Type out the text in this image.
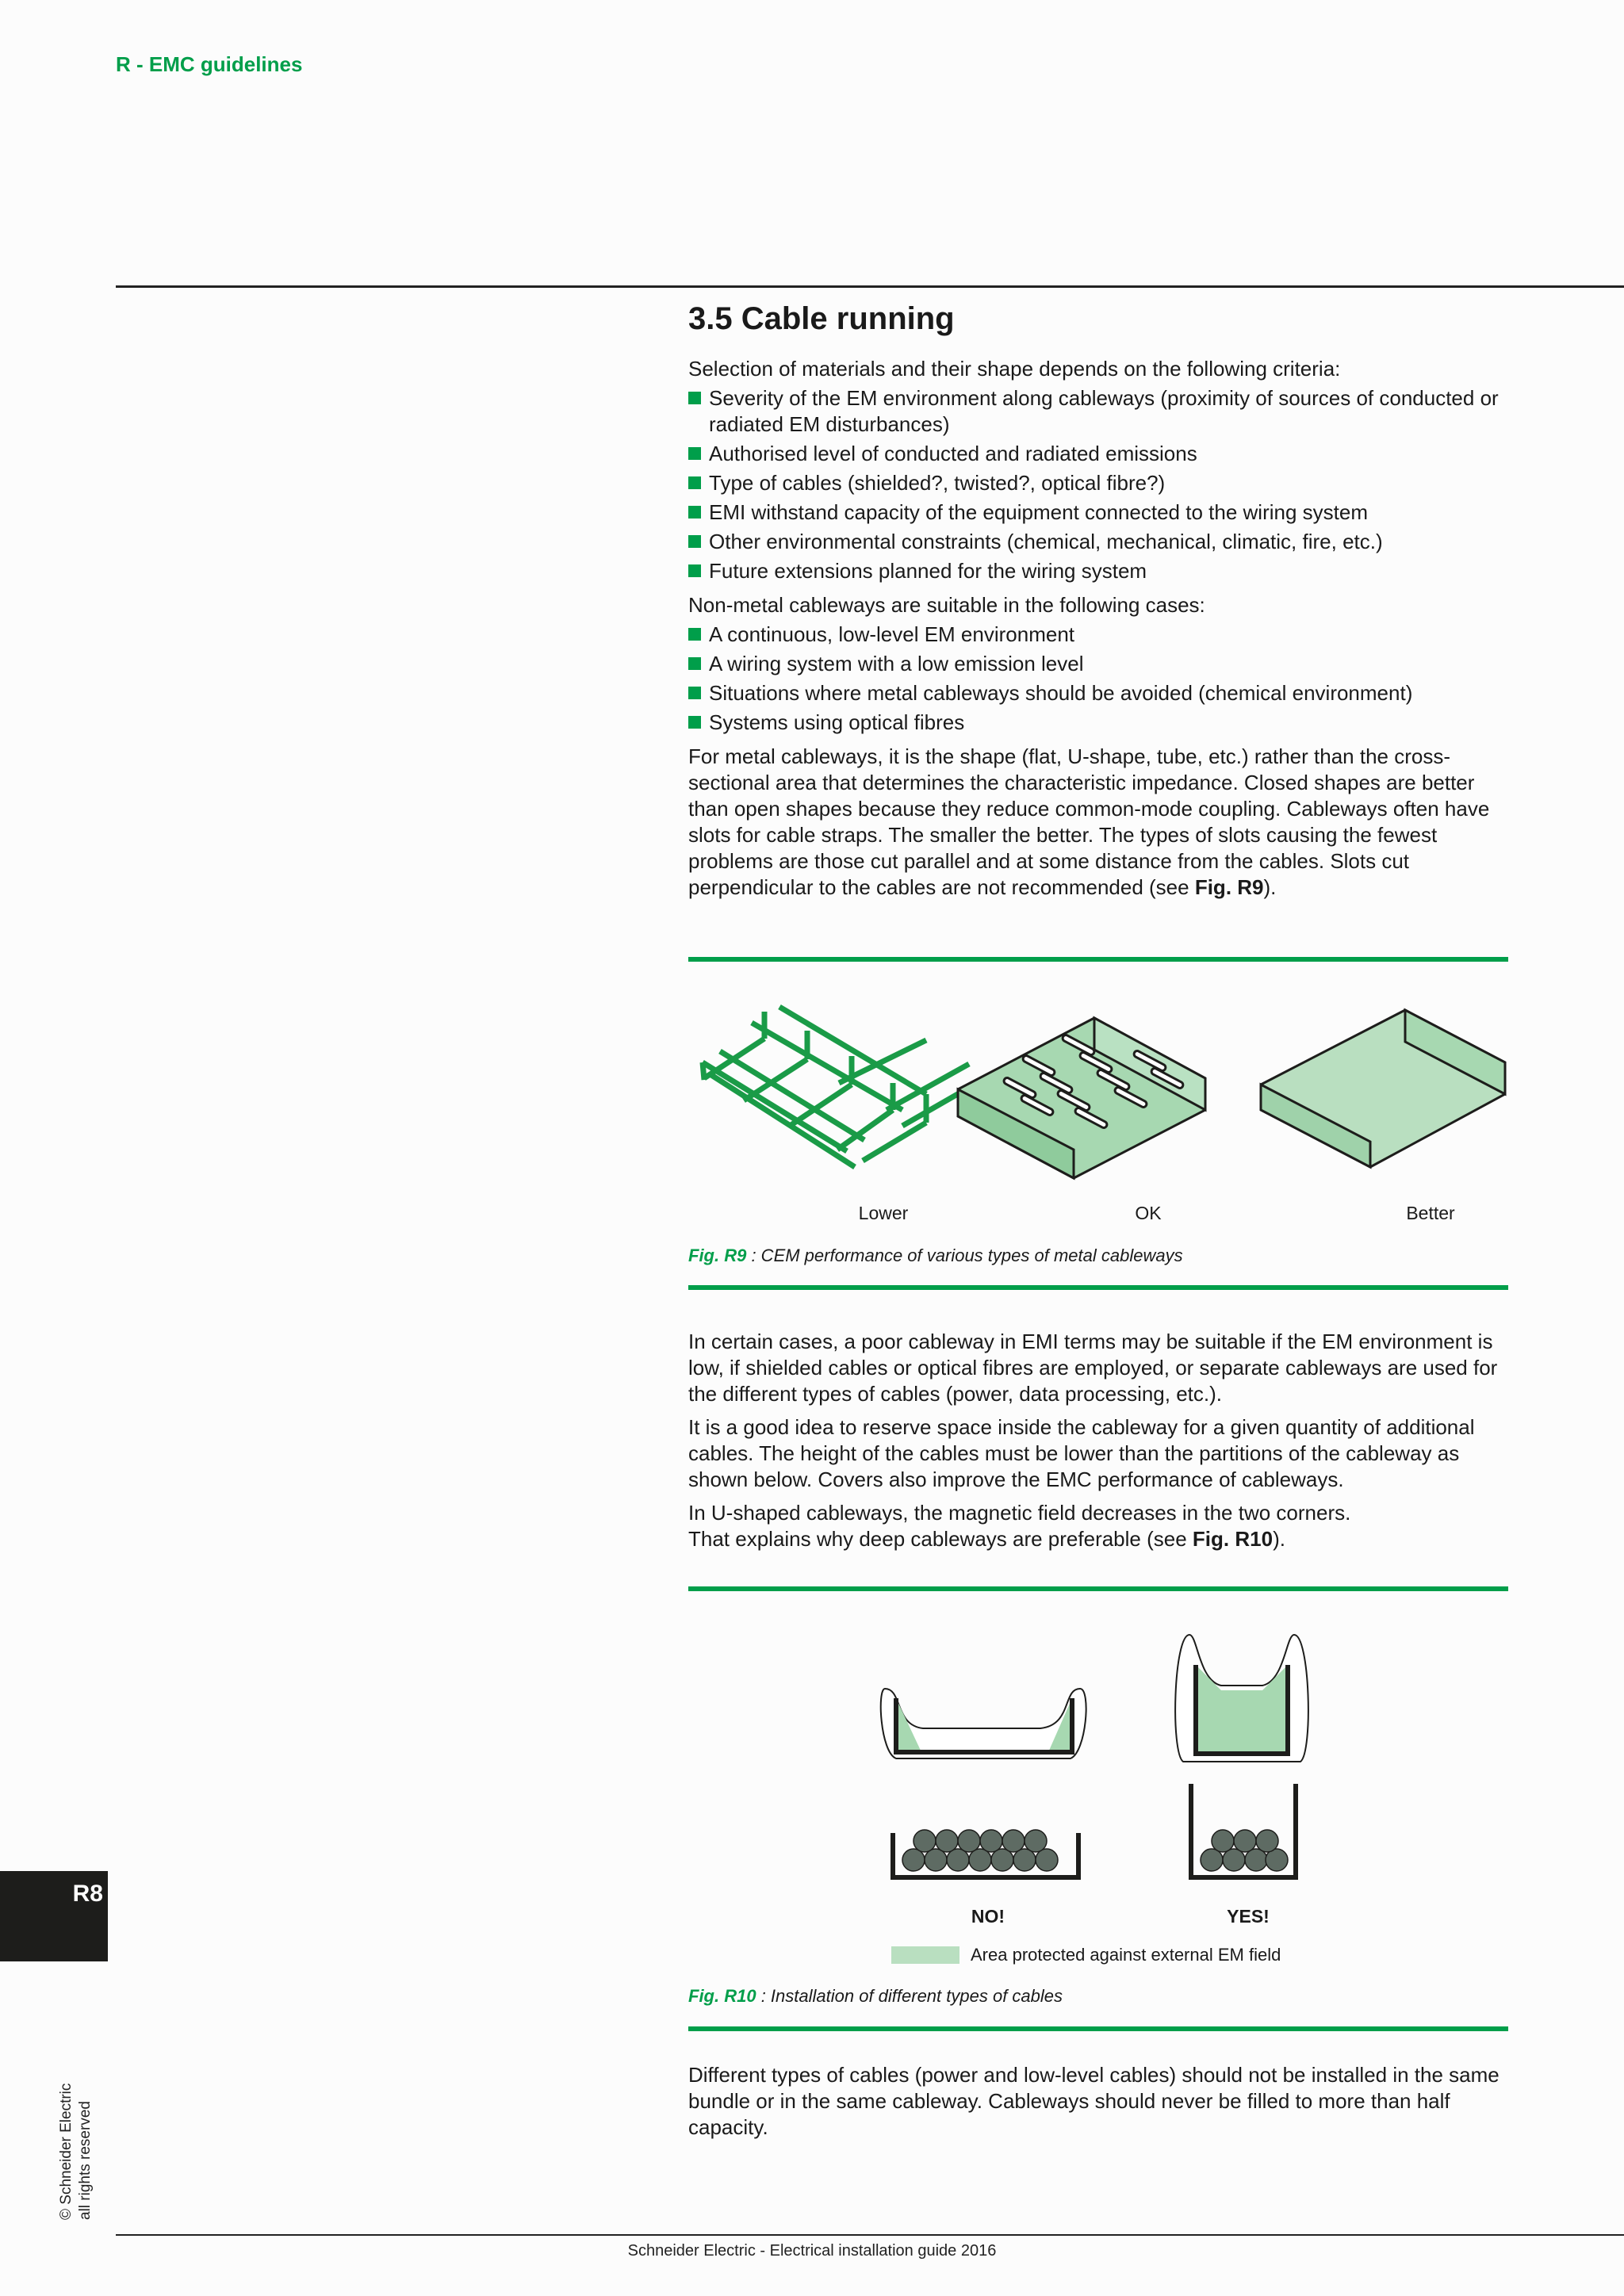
R - EMC guidelines
R8
© Schneider Electric all rights reserved
3.5 Cable running

Selection of materials and their shape depends on the following criteria:

Severity of the EM environment along cableways (proximity of sources of conducted or radiated EM disturbances)

Authorised level of conducted and radiated emissions

Type of cables (shielded?, twisted?, optical fibre?)

EMI withstand capacity of the equipment connected to the wiring system

Other environmental constraints (chemical, mechanical, climatic, fire, etc.)

Future extensions planned for the wiring system

Non-metal cableways are suitable in the following cases:

A continuous, low-level EM environment

A wiring system with a low emission level

Situations where metal cableways should be avoided (chemical environment)

Systems using optical fibres

For metal cableways, it is the shape (flat, U-shape, tube, etc.) rather than the cross-sectional area that determines the characteristic impedance. Closed shapes are better than open shapes because they reduce common-mode coupling. Cableways often have slots for cable straps. The smaller the better. The types of slots causing the fewest problems are those cut parallel and at some distance from the cables. Slots cut perpendicular to the cables are not recommended (see Fig. R9).

Lower	OK	Better
Fig. R9 : CEM performance of various types of metal cableways

In certain cases, a poor cableway in EMI terms may be suitable if the EM environment is low, if shielded cables or optical fibres are employed, or separate cableways are used for the different types of cables (power, data processing, etc.).

It is a good idea to reserve space inside the cableway for a given quantity of additional cables. The height of the cables must be lower than the partitions of the cableway as shown below. Covers also improve the EMC performance of cableways.

In U-shaped cableways, the magnetic field decreases in the two corners.
That explains why deep cableways are preferable (see Fig. R10).

NO!	YES!
Area protected against external EM field
Fig. R10 : Installation of different types of cables

Different types of cables (power and low-level cables) should not be installed in the same bundle or in the same cableway. Cableways should never be filled to more than half capacity.

Schneider Electric - Electrical installation guide 2016
